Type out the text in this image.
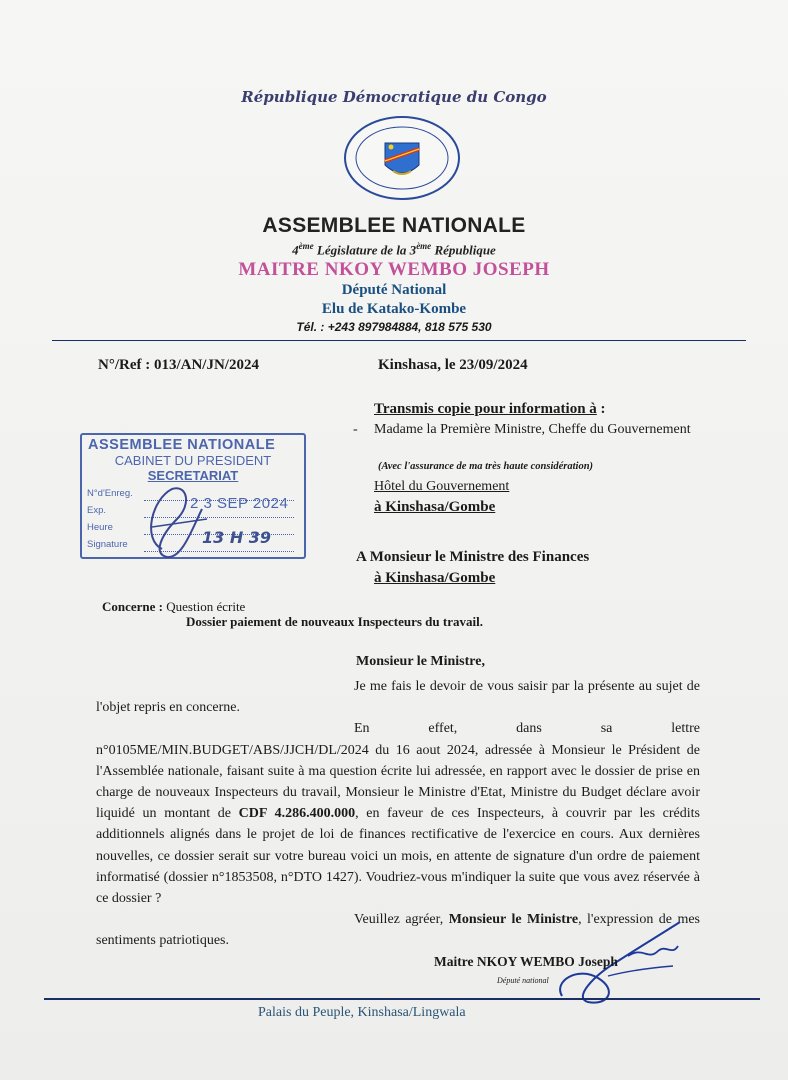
République Démocratique du Congo
ASSEMBLEE NATIONALE
4ème Législature de la 3ème République
MAITRE NKOY WEMBO JOSEPH
Député National
Elu de Katako-Kombe
Tél. : +243 897984884, 818 575 530
N°/Ref : 013/AN/JN/2024	Kinshasa, le 23/09/2024
Transmis copie pour information à :
- Madame la Première Ministre, Cheffe du Gouvernement
(Avec l'assurance de ma très haute considération)
Hôtel du Gouvernement
à Kinshasa/Gombe
ASSEMBLEE NATIONALE
CABINET DU PRESIDENT
SECRETARIAT
N°d'Enreg.
Exp.
Heure
Signature
2 3 SEP 2024
13 H 39
A Monsieur le Ministre des Finances
à Kinshasa/Gombe
Concerne : Question écrite
Dossier paiement de nouveaux Inspecteurs du travail.
Monsieur le Ministre,

Je me fais le devoir de vous saisir par la présente au sujet de l'objet repris en concerne.

En effet, dans sa lettre n°0105ME/MIN.BUDGET/ABS/JJCH/DL/2024 du 16 aout 2024, adressée à Monsieur le Président de l'Assemblée nationale, faisant suite à ma question écrite lui adressée, en rapport avec le dossier de prise en charge de nouveaux Inspecteurs du travail, Monsieur le Ministre d'Etat, Ministre du Budget déclare avoir liquidé un montant de CDF 4.286.400.000, en faveur de ces Inspecteurs, à couvrir par les crédits additionnels alignés dans le projet de loi de finances rectificative de l'exercice en cours. Aux dernières nouvelles, ce dossier serait sur votre bureau voici un mois, en attente de signature d'un ordre de paiement informatisé (dossier n°1853508, n°DTO 1427). Voudriez-vous m'indiquer la suite que vous avez réservée à ce dossier ?

Veuillez agréer, Monsieur le Ministre, l'expression de mes sentiments patriotiques.

Maitre NKOY WEMBO Joseph
Député national
Palais du Peuple, Kinshasa/Lingwala
